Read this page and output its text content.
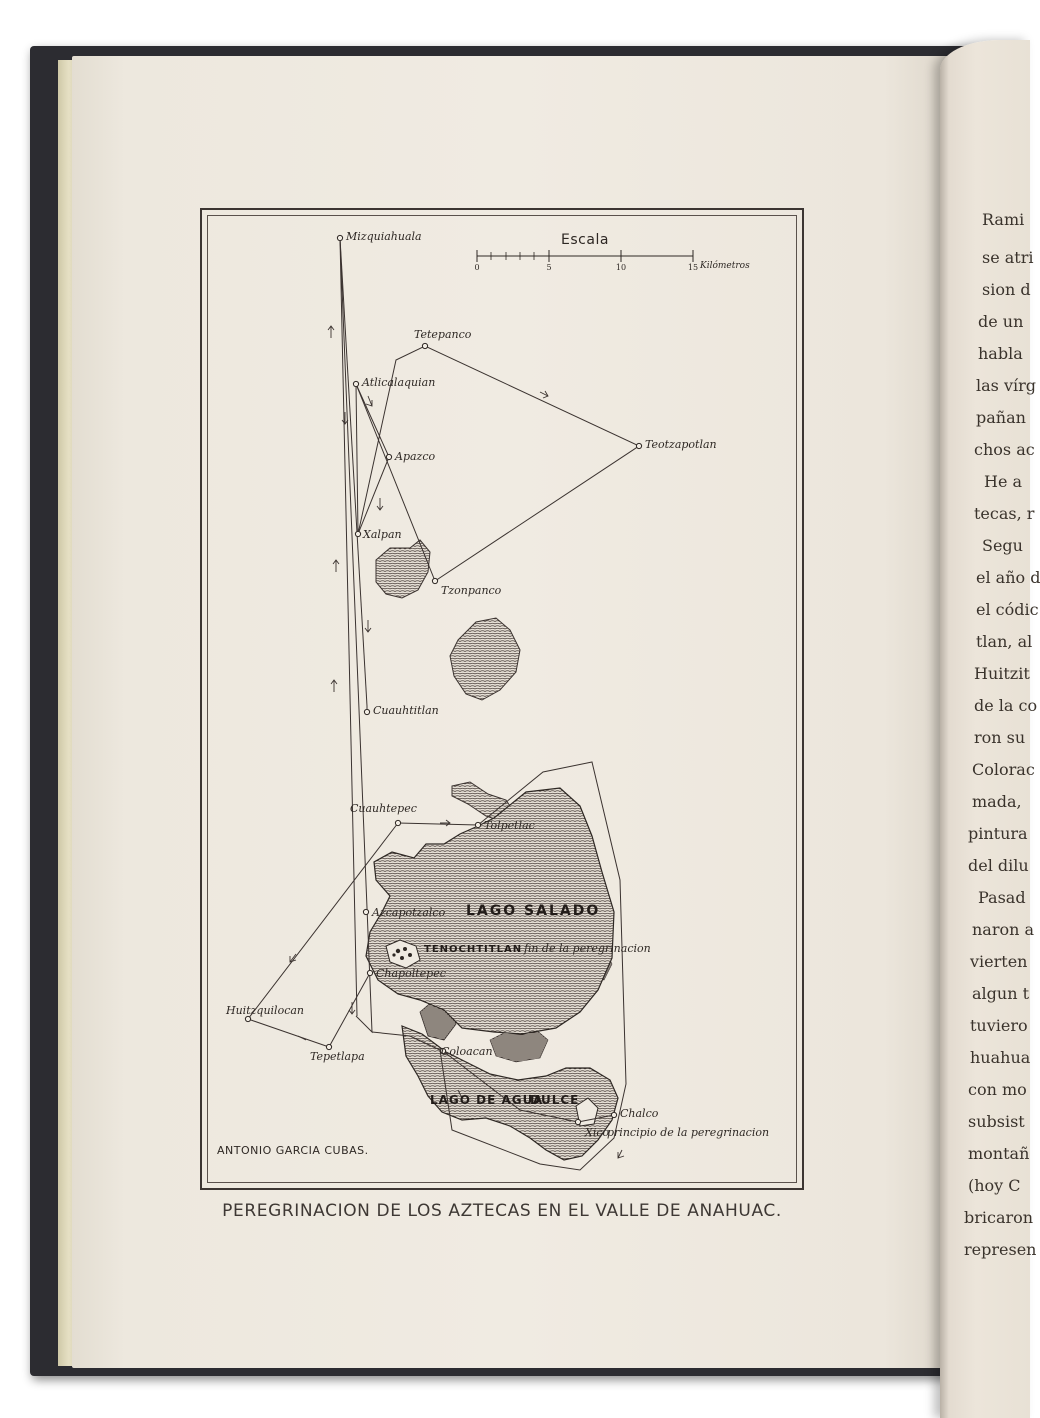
Rami
se atri
sion d
de un
habla
las vírg
pañan
chos ac
He a
tecas, r
Segu
el año d
el códic
tlan, al
Huitzit
de la co
ron su
Colorac
mada,
pintura
del dilu
Pasad
naron a
vierten
algun t
tuviero
huahua
con mo
subsist
montañ
(hoy C
bricaron
represen
Escala
0	5	10	15 Kilómetros
Mizquiahuala
Tetepanco
Atlicalaquian
Teotzapotlan
Apazco
Xalpan
Tzonpanco
Cuauhtitlan
Cuauhtepec
Tolpetlac
Azcapotzalco
TENOCHTITLAN fin de la peregrinacion
Chapoltepec
Huitzquilocan
Tepetlapa	Coloacan
Chalco
Xico
principio de la peregrinacion
LAGO SALADO
LAGO DE AGUA
DULCE
ANTONIO GARCIA CUBAS.
PEREGRINACION DE LOS AZTECAS EN EL VALLE DE ANAHUAC.
